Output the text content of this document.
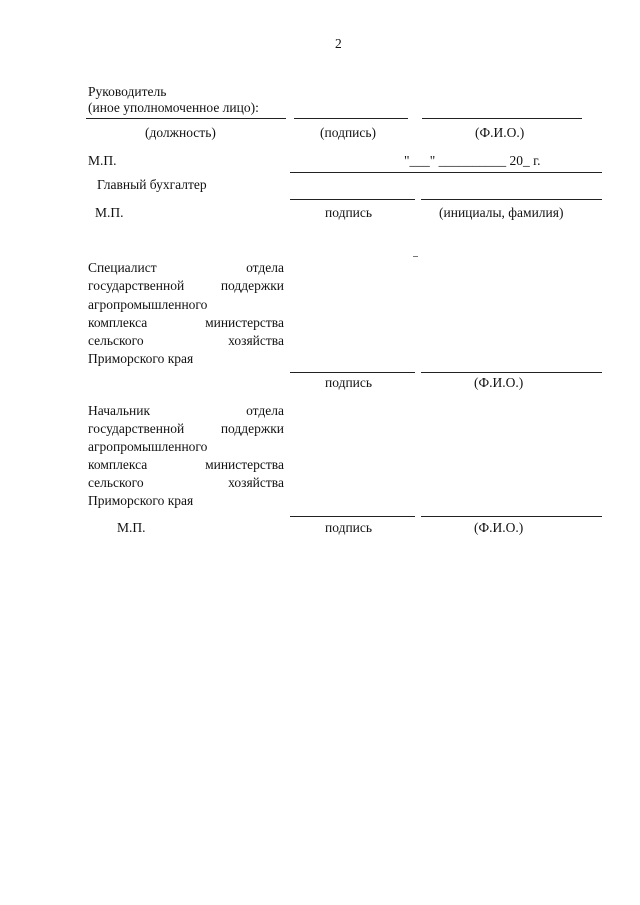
2
Руководитель
(иное уполномоченное лицо):
(должность)	(подпись)	(Ф.И.О.)
М.П.	"___" __________ 20_ г.
Главный бухгалтер
М.П.	подпись	(инициалы, фамилия)
Специалист	отдела
государственной	поддержки
агропромышленного
комплекса	министерства
сельского	хозяйства
Приморского края
подпись	(Ф.И.О.)
Начальник	отдела
государственной	поддержки
агропромышленного
комплекса	министерства
сельского	хозяйства
Приморского края
М.П.	подпись	(Ф.И.О.)
